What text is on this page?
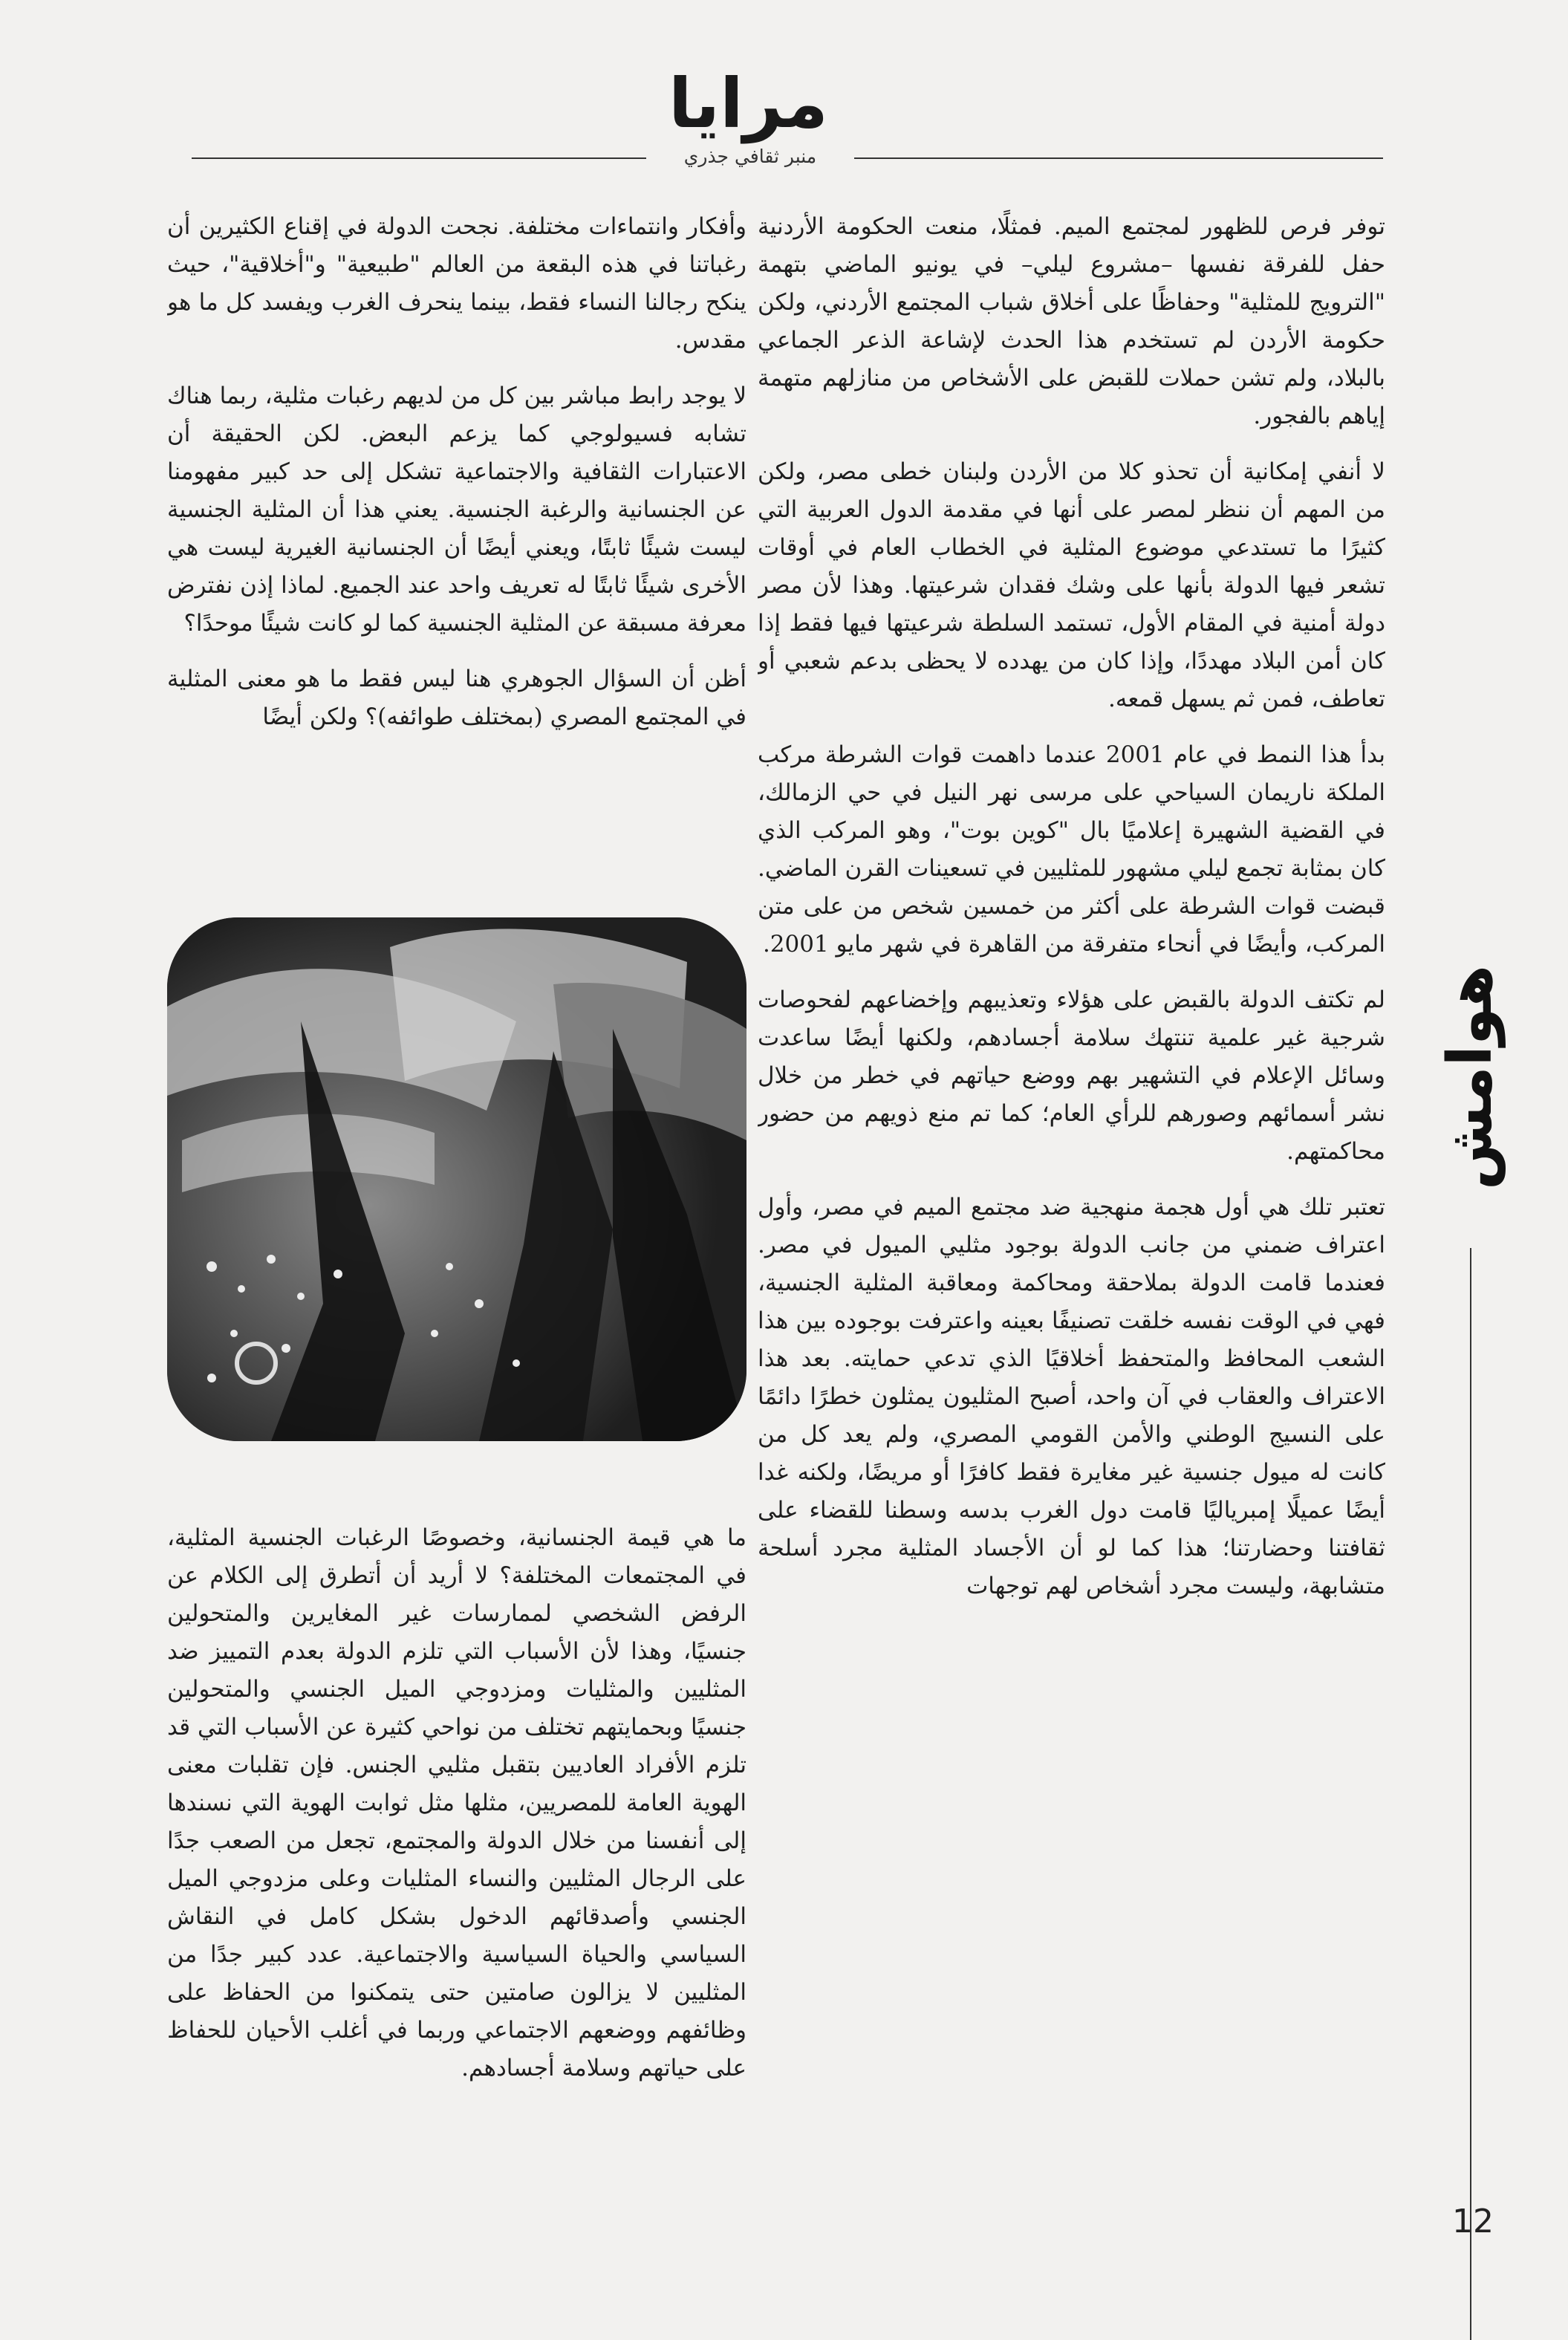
مرايا
منبر ثقافي جذري

توفر فرص للظهور لمجتمع الميم. فمثلًا، منعت الحكومة الأردنية حفل للفرقة نفسها –مشروع ليلي– في يونيو الماضي بتهمة "الترويج للمثلية" وحفاظًا على أخلاق شباب المجتمع الأردني، ولكن حكومة الأردن لم تستخدم هذا الحدث لإشاعة الذعر الجماعي بالبلاد، ولم تشن حملات للقبض على الأشخاص من منازلهم متهمة إياهم بالفجور.

لا أنفي إمكانية أن تحذو كلا من الأردن ولبنان خطى مصر، ولكن من المهم أن ننظر لمصر على أنها في مقدمة الدول العربية التي كثيرًا ما تستدعي موضوع المثلية في الخطاب العام في أوقات تشعر فيها الدولة بأنها على وشك فقدان شرعيتها. وهذا لأن مصر دولة أمنية في المقام الأول، تستمد السلطة شرعيتها فيها فقط إذا كان أمن البلاد مهددًا، وإذا كان من يهدده لا يحظى بدعم شعبي أو تعاطف، فمن ثم يسهل قمعه.

بدأ هذا النمط في عام 2001 عندما داهمت قوات الشرطة مركب الملكة ناريمان السياحي على مرسى نهر النيل في حي الزمالك، في القضية الشهيرة إعلاميًا بال "كوين بوت"، وهو المركب الذي كان بمثابة تجمع ليلي مشهور للمثليين في تسعينات القرن الماضي. قبضت قوات الشرطة على أكثر من خمسين شخص من على متن المركب، وأيضًا في أنحاء متفرقة من القاهرة في شهر مايو 2001.

لم تكتف الدولة بالقبض على هؤلاء وتعذيبهم وإخضاعهم لفحوصات شرجية غير علمية تنتهك سلامة أجسادهم، ولكنها أيضًا ساعدت وسائل الإعلام في التشهير بهم ووضع حياتهم في خطر من خلال نشر أسمائهم وصورهم للرأي العام؛ كما تم منع ذويهم من حضور محاكمتهم.

تعتبر تلك هي أول هجمة منهجية ضد مجتمع الميم في مصر، وأول اعتراف ضمني من جانب الدولة بوجود مثليي الميول في مصر. فعندما قامت الدولة بملاحقة ومحاكمة ومعاقبة المثلية الجنسية، فهي في الوقت نفسه خلقت تصنيفًا بعينه واعترفت بوجوده بين هذا الشعب المحافظ والمتحفظ أخلاقيًا الذي تدعي حمايته. بعد هذا الاعتراف والعقاب في آن واحد، أصبح المثليون يمثلون خطرًا دائمًا على النسيج الوطني والأمن القومي المصري، ولم يعد كل من كانت له ميول جنسية غير مغايرة فقط كافرًا أو مريضًا، ولكنه غدا أيضًا عميلًا إمبرياليًا قامت دول الغرب بدسه وسطنا للقضاء على ثقافتنا وحضارتنا؛ هذا كما لو أن الأجساد المثلية مجرد أسلحة متشابهة، وليست مجرد أشخاص لهم توجهات

وأفكار وانتماءات مختلفة. نجحت الدولة في إقناع الكثيرين أن رغباتنا في هذه البقعة من العالم "طبيعية" و"أخلاقية"، حيث ينكح رجالنا النساء فقط، بينما ينحرف الغرب ويفسد كل ما هو مقدس.

لا يوجد رابط مباشر بين كل من لديهم رغبات مثلية، ربما هناك تشابه فسيولوجي كما يزعم البعض. لكن الحقيقة أن الاعتبارات الثقافية والاجتماعية تشكل إلى حد كبير مفهومنا عن الجنسانية والرغبة الجنسية. يعني هذا أن المثلية الجنسية ليست شيئًا ثابتًا، ويعني أيضًا أن الجنسانية الغيرية ليست هي الأخرى شيئًا ثابتًا له تعريف واحد عند الجميع. لماذا إذن نفترض معرفة مسبقة عن المثلية الجنسية كما لو كانت شيئًا موحدًا؟

أظن أن السؤال الجوهري هنا ليس فقط ما هو معنى المثلية في المجتمع المصري (بمختلف طوائفه)؟ ولكن أيضًا

ما هي قيمة الجنسانية، وخصوصًا الرغبات الجنسية المثلية، في المجتمعات المختلفة؟ لا أريد أن أتطرق إلى الكلام عن الرفض الشخصي لممارسات غير المغايرين والمتحولين جنسيًا، وهذا لأن الأسباب التي تلزم الدولة بعدم التمييز ضد المثليين والمثليات ومزدوجي الميل الجنسي والمتحولين جنسيًا وبحمايتهم تختلف من نواحي كثيرة عن الأسباب التي قد تلزم الأفراد العاديين بتقبل مثليي الجنس. فإن تقلبات معنى الهوية العامة للمصريين، مثلها مثل ثوابت الهوية التي نسندها إلى أنفسنا من خلال الدولة والمجتمع، تجعل من الصعب جدًا على الرجال المثليين والنساء المثليات وعلى مزدوجي الميل الجنسي وأصدقائهم الدخول بشكل كامل في النقاش السياسي والحياة السياسية والاجتماعية. عدد كبير جدًا من المثليين لا يزالون صامتين حتى يتمكنوا من الحفاظ على وظائفهم ووضعهم الاجتماعي وربما في أغلب الأحيان للحفاظ على حياتهم وسلامة أجسادهم.

هوامش
12
